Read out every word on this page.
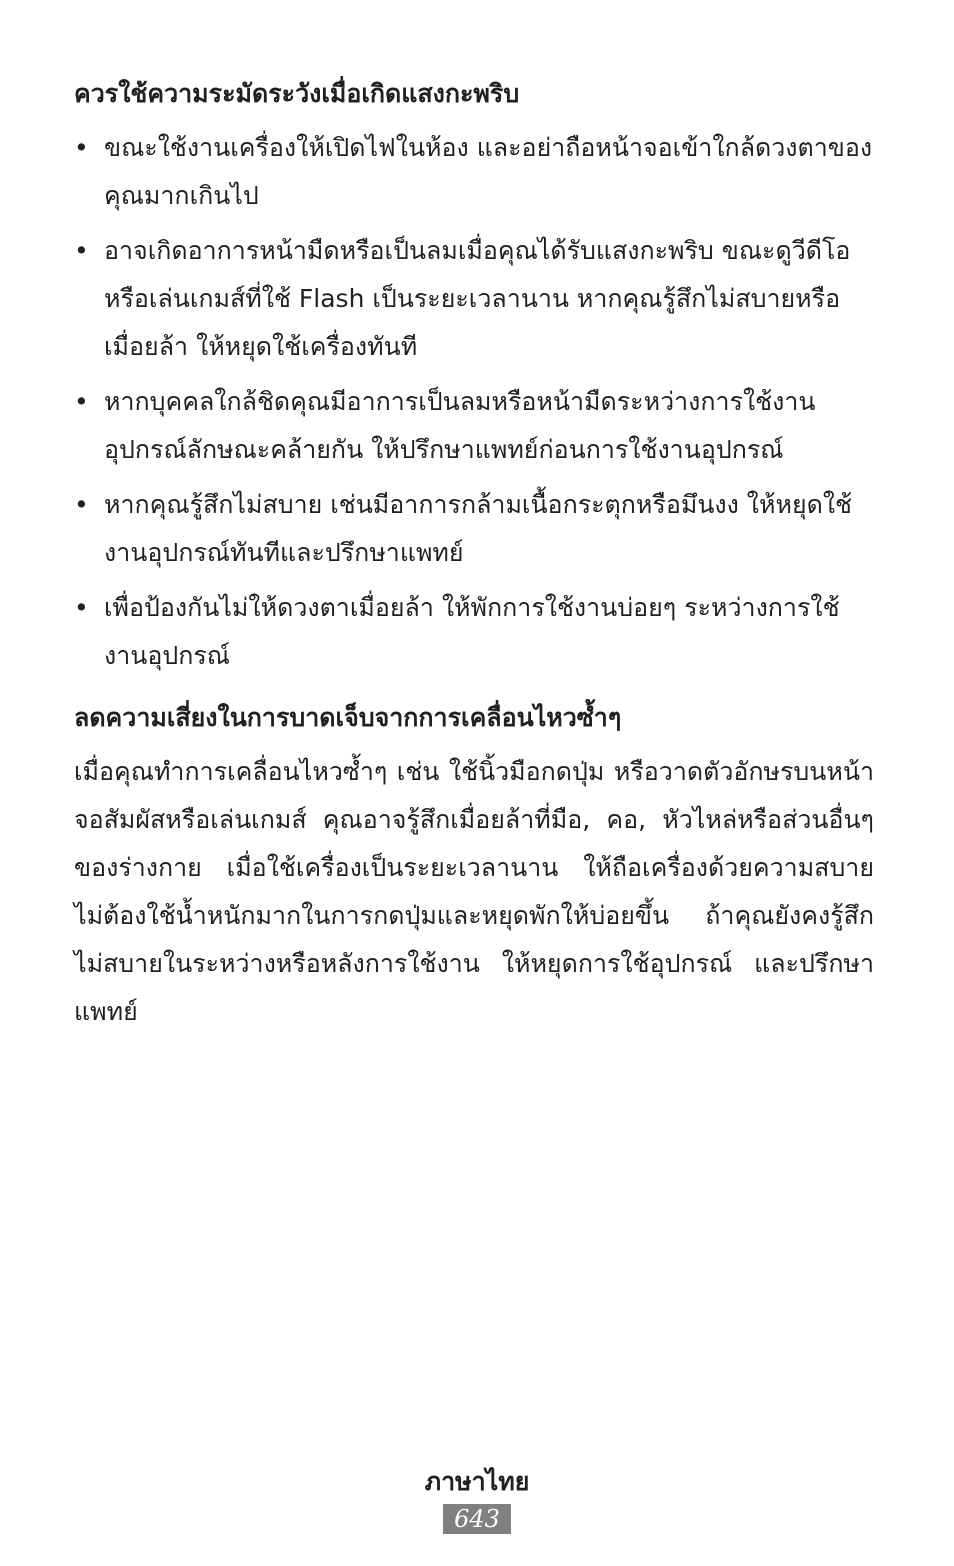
ควรใช้ความระมัดระวังเมื่อเกิดแสงกะพริบ
• ขณะใช้งานเครื่องให้เปิดไฟในห้อง และอย่าถือหน้าจอเข้าใกล้ดวงตาของคุณมากเกินไป
• อาจเกิดอาการหน้ามืดหรือเป็นลมเมื่อคุณได้รับแสงกะพริบ ขณะดูวีดีโอหรือเล่นเกมส์ที่ใช้ Flash เป็นระยะเวลานาน หากคุณรู้สึกไม่สบายหรือเมื่อยล้า ให้หยุดใช้เครื่องทันที
• หากบุคคลใกล้ชิดคุณมีอาการเป็นลมหรือหน้ามืดระหว่างการใช้งานอุปกรณ์ลักษณะคล้ายกัน ให้ปรึกษาแพทย์ก่อนการใช้งานอุปกรณ์
• หากคุณรู้สึกไม่สบาย เช่นมีอาการกล้ามเนื้อกระตุกหรือมึนงง ให้หยุดใช้งานอุปกรณ์ทันทีและปรึกษาแพทย์
• เพื่อป้องกันไม่ให้ดวงตาเมื่อยล้า ให้พักการใช้งานบ่อยๆ ระหว่างการใช้งานอุปกรณ์
ลดความเสี่ยงในการบาดเจ็บจากการเคลื่อนไหวซ้ำๆ

เมื่อคุณทำการเคลื่อนไหวซ้ำๆ เช่น ใช้นิ้วมือกดปุ่ม หรือวาดตัวอักษรบนหน้าจอสัมผัสหรือเล่นเกมส์ คุณอาจรู้สึกเมื่อยล้าที่มือ, คอ, หัวไหล่หรือส่วนอื่นๆของร่างกาย เมื่อใช้เครื่องเป็นระยะเวลานาน ให้ถือเครื่องด้วยความสบาย ไม่ต้องใช้น้ำหนักมากในการกดปุ่มและหยุดพักให้บ่อยขึ้น ถ้าคุณยังคงรู้สึกไม่สบายในระหว่างหรือหลังการใช้งาน ให้หยุดการใช้อุปกรณ์ และปรึกษาแพทย์

ภาษาไทย
643
